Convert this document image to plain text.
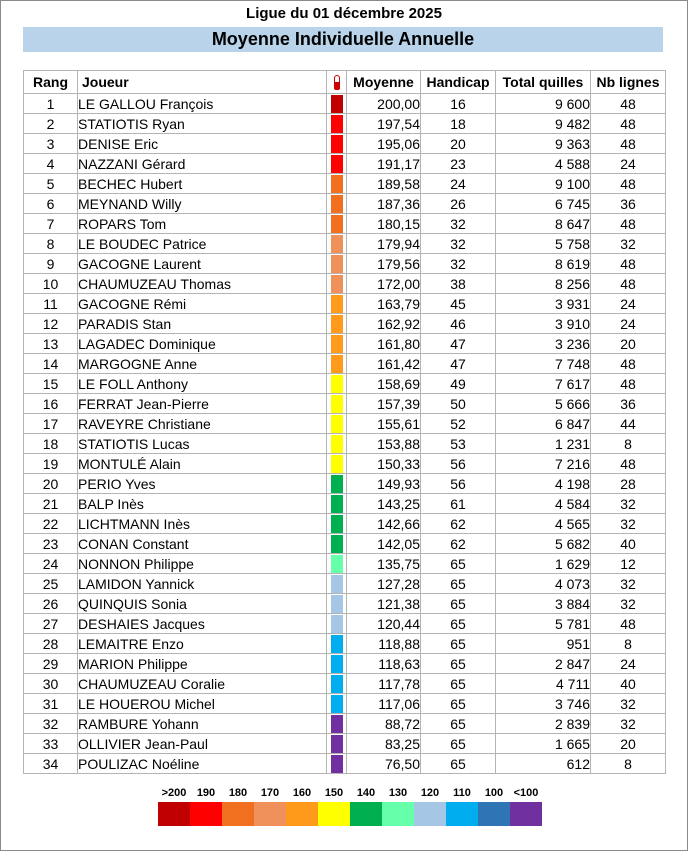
Ligue du 01 décembre 2025
Moyenne Individuelle Annuelle
Rang	Joueur		Moyenne	Handicap	Total quilles	Nb lignes
1	LE GALLOU François		200,00	16	9 600	48
2	STATIOTIS Ryan		197,54	18	9 482	48
3	DENISE Eric		195,06	20	9 363	48
4	NAZZANI Gérard		191,17	23	4 588	24
5	BECHEC Hubert		189,58	24	9 100	48
6	MEYNAND Willy		187,36	26	6 745	36
7	ROPARS Tom		180,15	32	8 647	48
8	LE BOUDEC Patrice		179,94	32	5 758	32
9	GACOGNE Laurent		179,56	32	8 619	48
10	CHAUMUZEAU Thomas		172,00	38	8 256	48
11	GACOGNE Rémi		163,79	45	3 931	24
12	PARADIS Stan		162,92	46	3 910	24
13	LAGADEC Dominique		161,80	47	3 236	20
14	MARGOGNE Anne		161,42	47	7 748	48
15	LE FOLL Anthony		158,69	49	7 617	48
16	FERRAT Jean-Pierre		157,39	50	5 666	36
17	RAVEYRE Christiane		155,61	52	6 847	44
18	STATIOTIS Lucas		153,88	53	1 231	8
19	MONTULÉ Alain		150,33	56	7 216	48
20	PERIO Yves		149,93	56	4 198	28
21	BALP Inès		143,25	61	4 584	32
22	LICHTMANN Inès		142,66	62	4 565	32
23	CONAN Constant		142,05	62	5 682	40
24	NONNON Philippe		135,75	65	1 629	12
25	LAMIDON Yannick		127,28	65	4 073	32
26	QUINQUIS Sonia		121,38	65	3 884	32
27	DESHAIES Jacques		120,44	65	5 781	48
28	LEMAITRE Enzo		118,88	65	951	8
29	MARION Philippe		118,63	65	2 847	24
30	CHAUMUZEAU Coralie		117,78	65	4 711	40
31	LE HOUEROU Michel		117,06	65	3 746	32
32	RAMBURE Yohann		88,72	65	2 839	32
33	OLLIVIER Jean-Paul		83,25	65	1 665	20
34	POULIZAC Noéline		76,50	65	612	8
>200 190	180	170	160	150	140	130	120	110	100 <100
